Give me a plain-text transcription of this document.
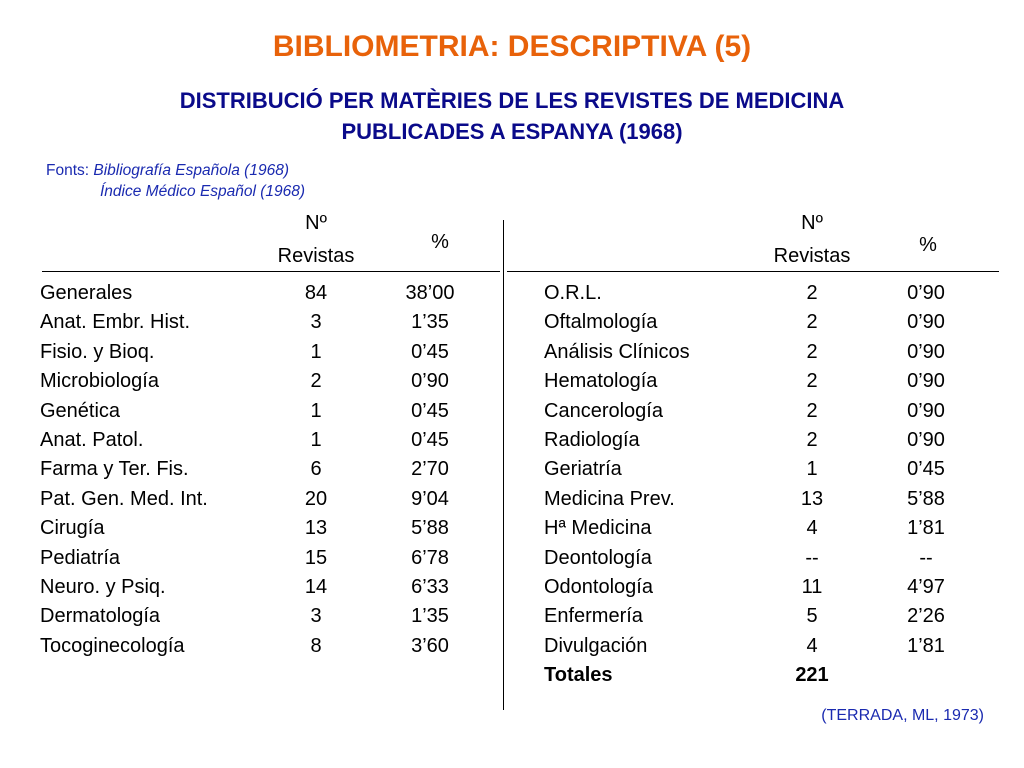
BIBLIOMETRIA: DESCRIPTIVA (5)
DISTRIBUCIÓ PER MATÈRIES DE LES REVISTES DE MEDICINA
PUBLICADES A ESPANYA (1968)
Fonts: Bibliografía Española (1968)
Índice Médico Español (1968)
Nº
Revistas
%
Nº
Revistas	%
Generales	84	38’00
Anat. Embr. Hist.	3	1’35
Fisio. y Bioq.	1	0’45
Microbiología	2	0’90
Genética	1	0’45
Anat. Patol.	1	0’45
Farma y Ter. Fis.	6	2’70
Pat. Gen. Med. Int.	20	9’04
Cirugía	13	5’88
Pediatría	15	6’78
Neuro. y Psiq.	14	6’33
Dermatología	3	1’35
Tocoginecología	8	3’60
O.R.L.	2	0’90
Oftalmología	2	0’90
Análisis Clínicos	2	0’90
Hematología	2	0’90
Cancerología	2	0’90
Radiología	2	0’90
Geriatría	1	0’45
Medicina Prev.	13	5’88
Hª Medicina	4	1’81
Deontología	--	--
Odontología	11	4’97
Enfermería	5	2’26
Divulgación	4	1’81
Totales	221
(TERRADA, ML, 1973)
